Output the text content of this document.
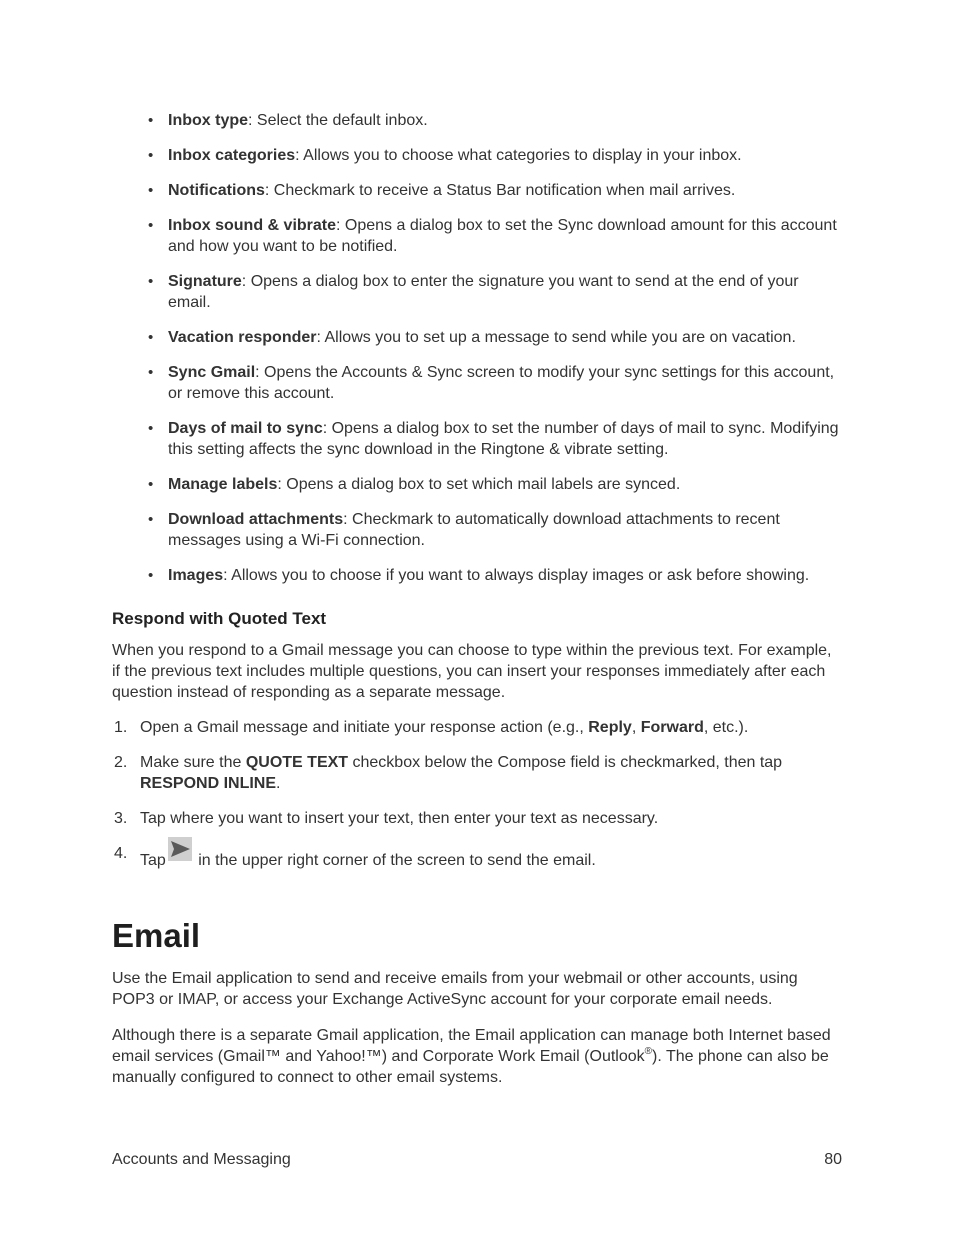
• Inbox type: Select the default inbox.
• Inbox categories: Allows you to choose what categories to display in your inbox.
• Notifications: Checkmark to receive a Status Bar notification when mail arrives.
• Inbox sound & vibrate: Opens a dialog box to set the Sync download amount for this account and how you want to be notified.
• Signature: Opens a dialog box to enter the signature you want to send at the end of your email.
• Vacation responder: Allows you to set up a message to send while you are on vacation.
• Sync Gmail: Opens the Accounts & Sync screen to modify your sync settings for this account, or remove this account.
• Days of mail to sync: Opens a dialog box to set the number of days of mail to sync. Modifying this setting affects the sync download in the Ringtone & vibrate setting.
• Manage labels: Opens a dialog box to set which mail labels are synced.
• Download attachments: Checkmark to automatically download attachments to recent messages using a Wi-Fi connection.
• Images: Allows you to choose if you want to always display images or ask before showing.
Respond with Quoted Text

When you respond to a Gmail message you can choose to type within the previous text. For example, if the previous text includes multiple questions, you can insert your responses immediately after each question instead of responding as a separate message.

1. Open a Gmail message and initiate your response action (e.g., Reply, Forward, etc.).
2. Make sure the QUOTE TEXT checkbox below the Compose field is checkmarked, then tap RESPOND INLINE.
3. Tap where you want to insert your text, then enter your text as necessary.
4. Tap
in the upper right corner of the screen to send the email.
Email

Use the Email application to send and receive emails from your webmail or other accounts, using POP3 or IMAP, or access your Exchange ActiveSync account for your corporate email needs.

Although there is a separate Gmail application, the Email application can manage both Internet based email services (Gmail™ and Yahoo!™) and Corporate Work Email (Outlook®). The phone can also be manually configured to connect to other email systems.

Accounts and Messaging	80
